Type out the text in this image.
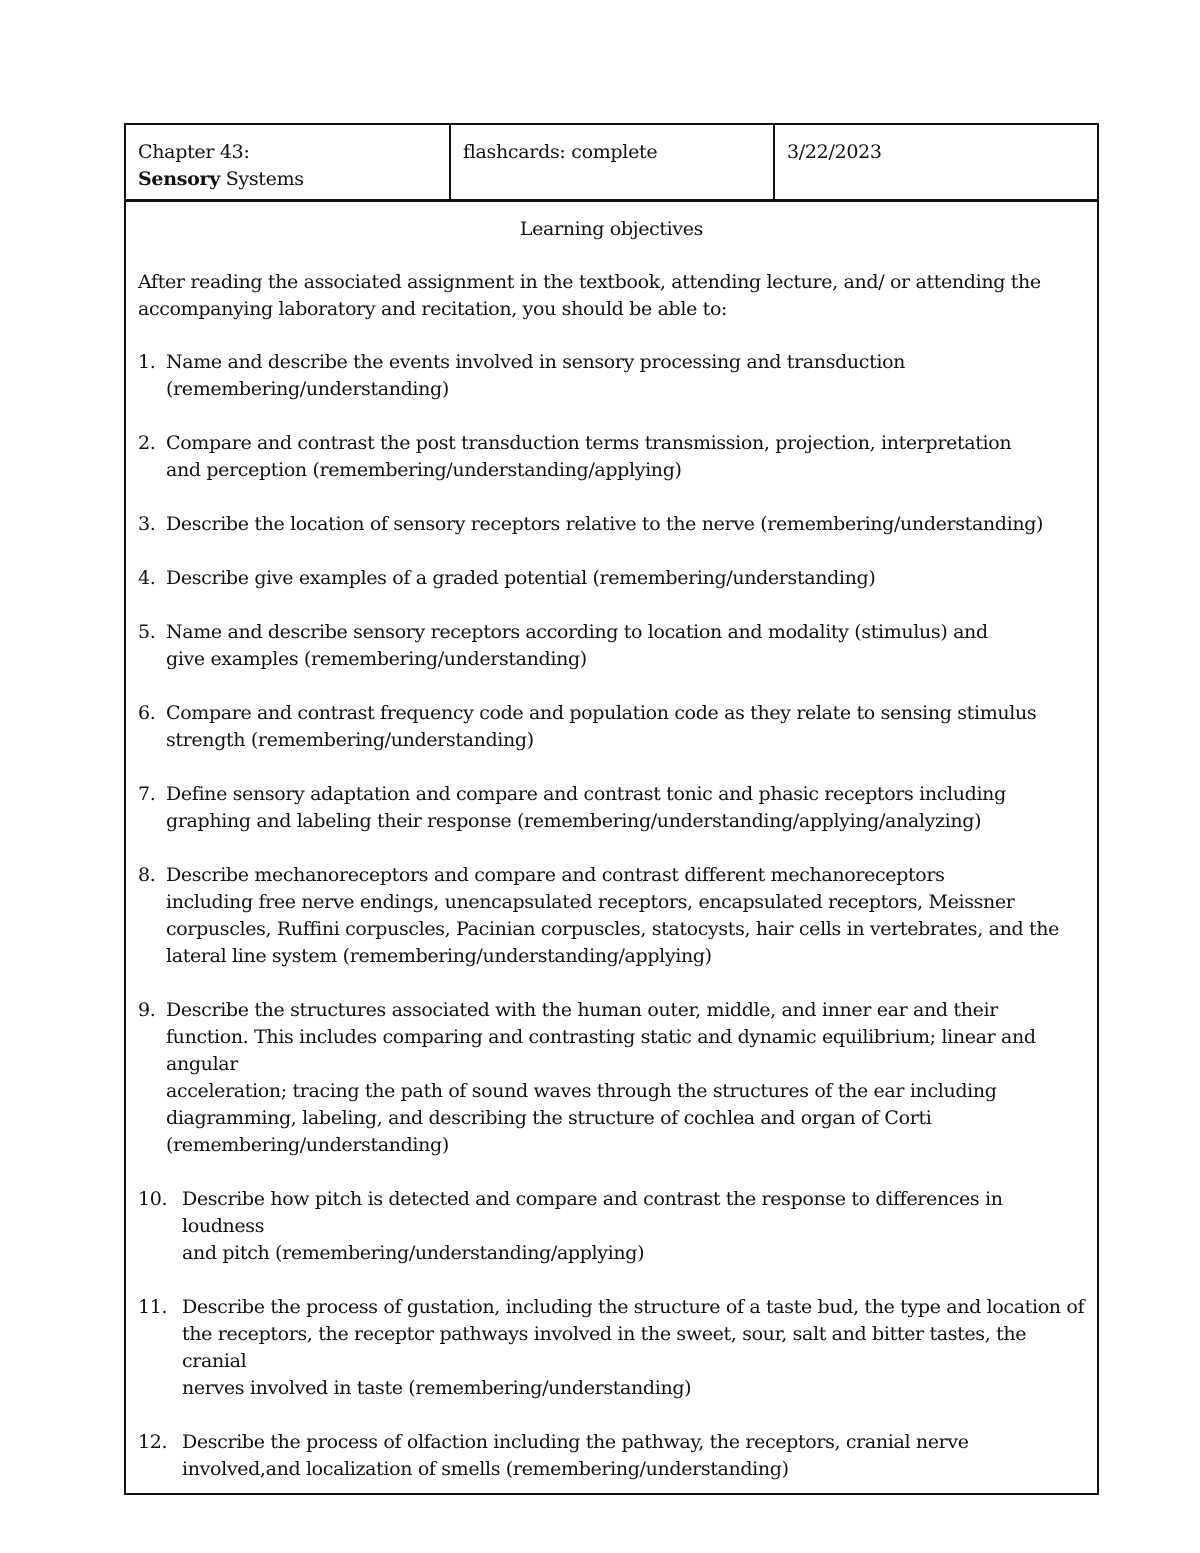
Chapter 43:
Sensory Systems
flashcards: complete	3/22/2023
Learning objectives
After reading the associated assignment in the textbook, attending lecture, and/ or attending the
accompanying laboratory and recitation, you should be able to:
1. Name and describe the events involved in sensory processing and transduction
(remembering/understanding)
2. Compare and contrast the post transduction terms transmission, projection, interpretation
and perception (remembering/understanding/applying)
3. Describe the location of sensory receptors relative to the nerve (remembering/understanding)
4. Describe give examples of a graded potential (remembering/understanding)
5. Name and describe sensory receptors according to location and modality (stimulus) and
give examples (remembering/understanding)
6. Compare and contrast frequency code and population code as they relate to sensing stimulus
strength (remembering/understanding)
7. Define sensory adaptation and compare and contrast tonic and phasic receptors including
graphing and labeling their response (remembering/understanding/applying/analyzing)
8. Describe mechanoreceptors and compare and contrast different mechanoreceptors
including free nerve endings, unencapsulated receptors, encapsulated receptors, Meissner
corpuscles, Ruffini corpuscles, Pacinian corpuscles, statocysts, hair cells in vertebrates, and the
lateral line system (remembering/understanding/applying)
9. Describe the structures associated with the human outer, middle, and inner ear and their
function. This includes comparing and contrasting static and dynamic equilibrium; linear and
angular
acceleration; tracing the path of sound waves through the structures of the ear including
diagramming, labeling, and describing the structure of cochlea and organ of Corti
(remembering/understanding)
10. Describe how pitch is detected and compare and contrast the response to differences in loudness
and pitch (remembering/understanding/applying)
11. Describe the process of gustation, including the structure of a taste bud, the type and location of
the receptors, the receptor pathways involved in the sweet, sour, salt and bitter tastes, the cranial
nerves involved in taste (remembering/understanding)
12. Describe the process of olfaction including the pathway, the receptors, cranial nerve
involved,and localization of smells (remembering/understanding)
